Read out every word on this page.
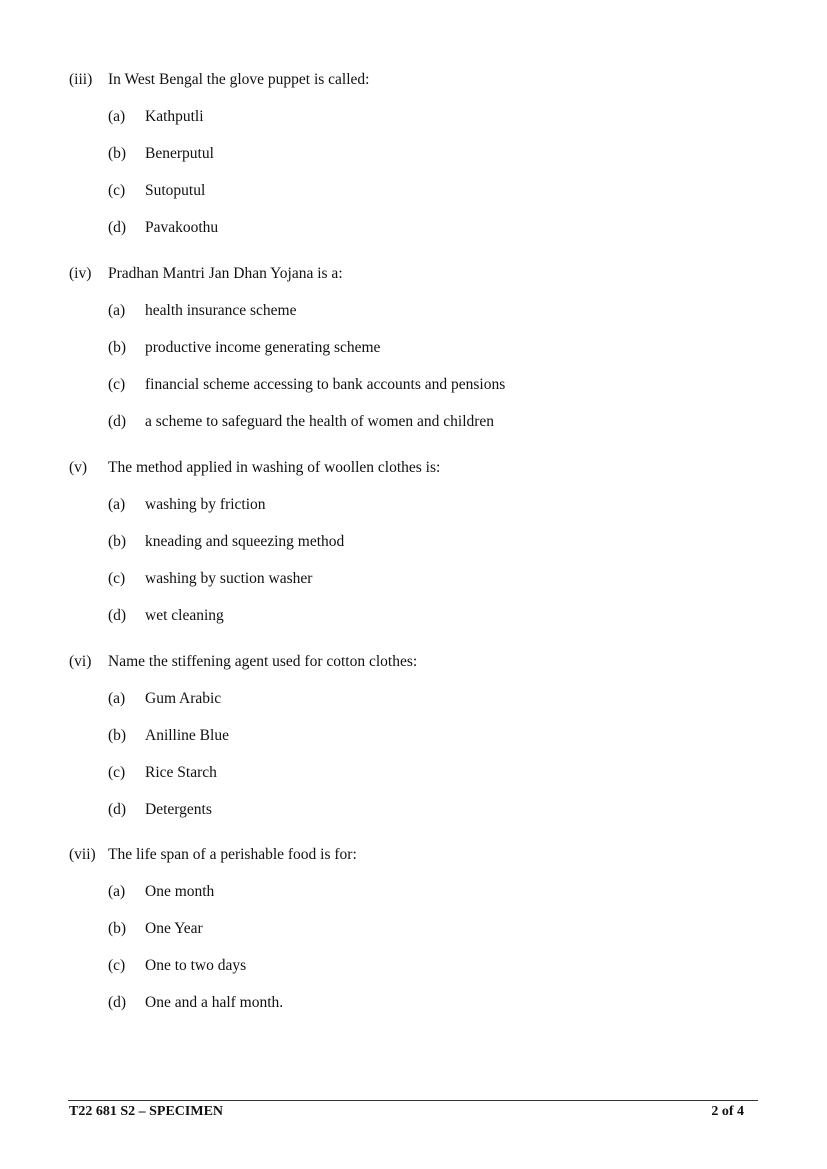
(iii) In West Bengal the glove puppet is called:
(a) Kathputli
(b) Benerputul
(c) Sutoputul
(d) Pavakoothu
(iv) Pradhan Mantri Jan Dhan Yojana is a:
(a) health insurance scheme
(b) productive income generating scheme
(c) financial scheme accessing to bank accounts and pensions
(d) a scheme to safeguard the health of women and children
(v) The method applied in washing of woollen clothes is:
(a) washing by friction
(b) kneading and squeezing method
(c) washing by suction washer
(d) wet cleaning
(vi) Name the stiffening agent used for cotton clothes:
(a) Gum Arabic
(b) Anilline Blue
(c) Rice Starch
(d) Detergents
(vii) The life span of a perishable food is for:
(a) One month
(b) One Year
(c) One to two days
(d) One and a half month.
T22 681 S2 – SPECIMEN	2 of 4
